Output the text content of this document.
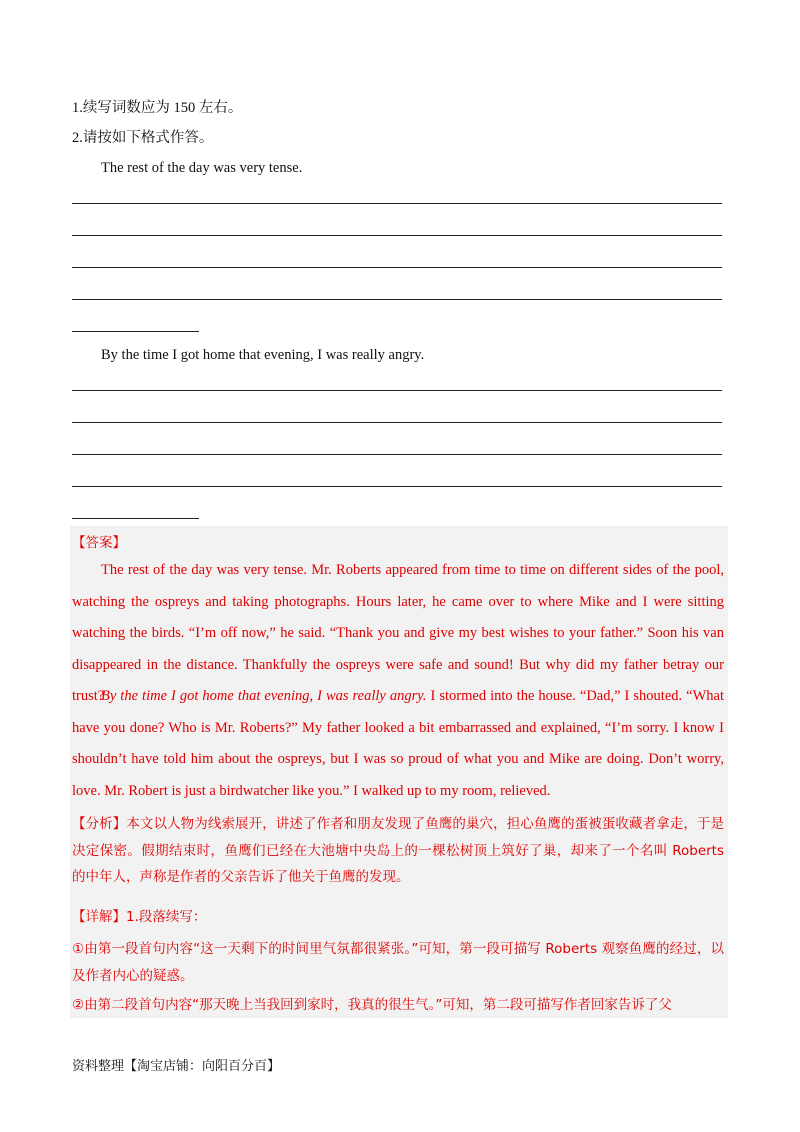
1.续写词数应为 150 左右。
2.请按如下格式作答。
The rest of the day was very tense.
By the time I got home that evening, I was really angry.
【答案】

The rest of the day was very tense. Mr. Roberts appeared from time to time on different sides of the pool, watching the ospreys and taking photographs. Hours later, he came over to where Mike and I were sitting watching the birds. “I’m off now,” he said. “Thank you and give my best wishes to your father.” Soon his van disappeared in the distance. Thankfully the ospreys were safe and sound! But why did my father betray our trust?

By the time I got home that evening, I was really angry. I stormed into the house. “Dad,” I shouted. “What have you done? Who is Mr. Roberts?” My father looked a bit embarrassed and explained, “I’m sorry. I know I shouldn’t have told him about the ospreys, but I was so proud of what you and Mike are doing. Don’t worry, love. Mr. Robert is just a birdwatcher like you.” I walked up to my room, relieved.

【分析】本文以人物为线索展开，讲述了作者和朋友发现了鱼鹰的巢穴，担心鱼鹰的蛋被蛋收藏者拿走，于是决定保密。假期结束时，鱼鹰们已经在大池塘中央岛上的一棵松树顶上筑好了巢，却来了一个名叫 Roberts 的中年人，声称是作者的父亲告诉了他关于鱼鹰的发现。

【详解】1.段落续写：

①由第一段首句内容“这一天剩下的时间里气氛都很紧张。”可知，第一段可描写 Roberts 观察鱼鹰的经过，以及作者内心的疑惑。

②由第二段首句内容“那天晚上当我回到家时，我真的很生气。”可知，第二段可描写作者回家告诉了父

资料整理【淘宝店铺：向阳百分百】
